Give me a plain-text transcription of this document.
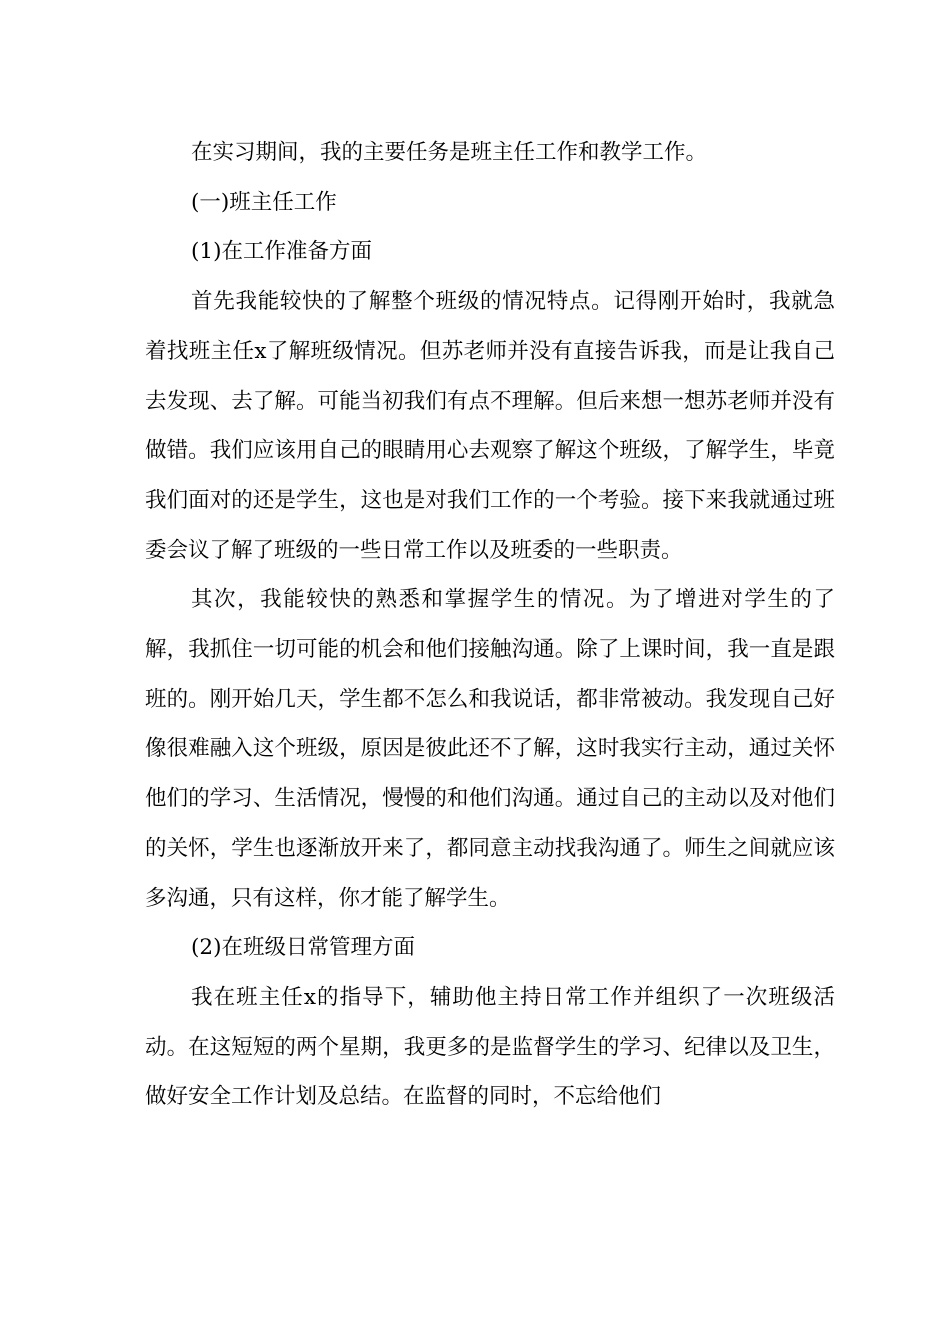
在实习期间，我的主要任务是班主任工作和教学工作。

(一)班主任工作

(1)在工作准备方面

首先我能较快的了解整个班级的情况特点。记得刚开始时，我就急着找班主任x了解班级情况。但苏老师并没有直接告诉我，而是让我自己去发现、去了解。可能当初我们有点不理解。但后来想一想苏老师并没有做错。我们应该用自己的眼睛用心去观察了解这个班级，了解学生，毕竟我们面对的还是学生，这也是对我们工作的一个考验。接下来我就通过班委会议了解了班级的一些日常工作以及班委的一些职责。

其次，我能较快的熟悉和掌握学生的情况。为了增进对学生的了解，我抓住一切可能的机会和他们接触沟通。除了上课时间，我一直是跟班的。刚开始几天，学生都不怎么和我说话，都非常被动。我发现自己好像很难融入这个班级，原因是彼此还不了解，这时我实行主动，通过关怀他们的学习、生活情况，慢慢的和他们沟通。通过自己的主动以及对他们的关怀，学生也逐渐放开来了，都同意主动找我沟通了。师生之间就应该多沟通，只有这样，你才能了解学生。

(2)在班级日常管理方面

我在班主任x的指导下，辅助他主持日常工作并组织了一次班级活动。在这短短的两个星期，我更多的是监督学生的学习、纪律以及卫生，做好安全工作计划及总结。在监督的同时，不忘给他们
